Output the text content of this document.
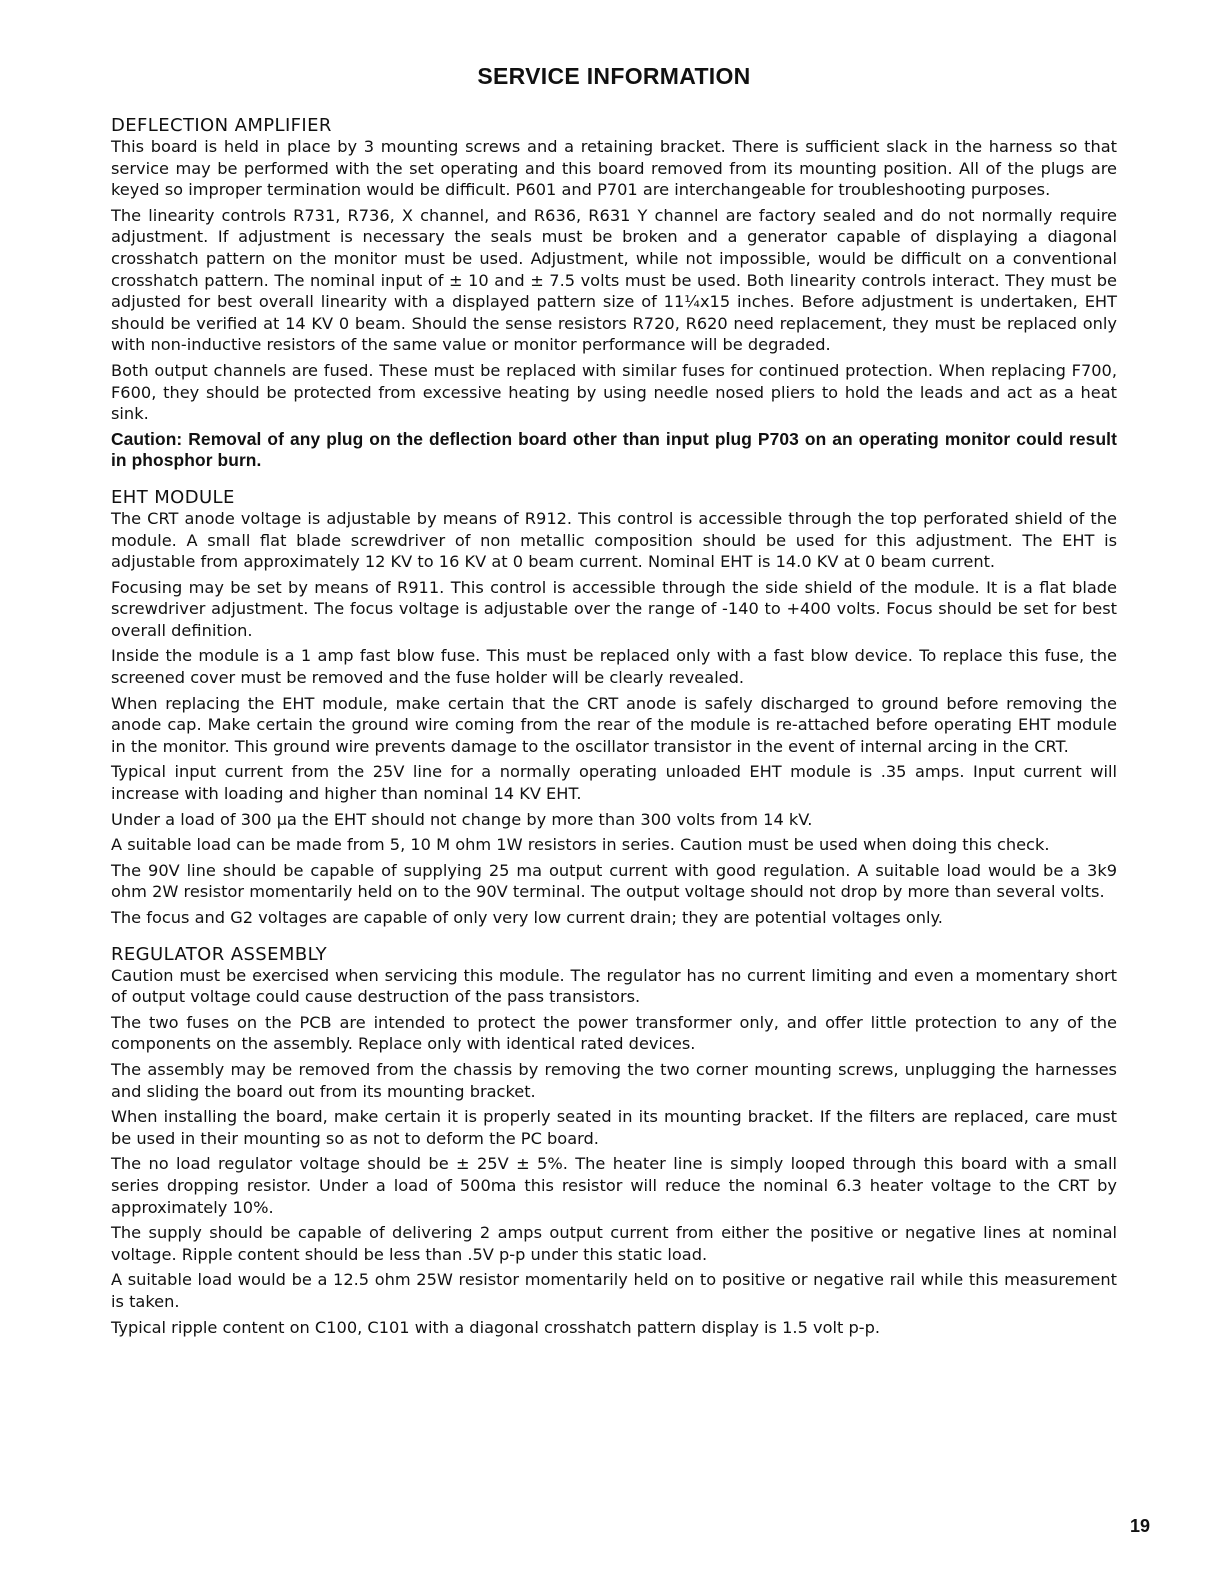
SERVICE INFORMATION
DEFLECTION AMPLIFIER

This board is held in place by 3 mounting screws and a retaining bracket. There is sufficient slack in the harness so that service may be performed with the set operating and this board removed from its mounting position. All of the plugs are keyed so improper termination would be difficult. P601 and P701 are interchangeable for troubleshooting purposes.

The linearity controls R731, R736, X channel, and R636, R631 Y channel are factory sealed and do not normally require adjustment. If adjustment is necessary the seals must be broken and a generator capable of displaying a diagonal crosshatch pattern on the monitor must be used. Adjustment, while not impossible, would be difficult on a conventional crosshatch pattern. The nominal input of ± 10 and ± 7.5 volts must be used. Both linearity controls interact. They must be adjusted for best overall linearity with a displayed pattern size of 11¼x15 inches. Before adjustment is undertaken, EHT should be verified at 14 KV 0 beam. Should the sense resistors R720, R620 need replacement, they must be replaced only with non-inductive resistors of the same value or monitor performance will be degraded.

Both output channels are fused. These must be replaced with similar fuses for continued protection. When replacing F700, F600, they should be protected from excessive heating by using needle nosed pliers to hold the leads and act as a heat sink.

Caution: Removal of any plug on the deflection board other than input plug P703 on an operating monitor could result in phosphor burn.

EHT MODULE

The CRT anode voltage is adjustable by means of R912. This control is accessible through the top perforated shield of the module. A small flat blade screwdriver of non metallic composition should be used for this adjustment. The EHT is adjustable from approximately 12 KV to 16 KV at 0 beam current. Nominal EHT is 14.0 KV at 0 beam current.

Focusing may be set by means of R911. This control is accessible through the side shield of the module. It is a flat blade screwdriver adjustment. The focus voltage is adjustable over the range of -140 to +400 volts. Focus should be set for best overall definition.

Inside the module is a 1 amp fast blow fuse. This must be replaced only with a fast blow device. To replace this fuse, the screened cover must be removed and the fuse holder will be clearly revealed.

When replacing the EHT module, make certain that the CRT anode is safely discharged to ground before removing the anode cap. Make certain the ground wire coming from the rear of the module is re-attached before operating EHT module in the monitor. This ground wire prevents damage to the oscillator transistor in the event of internal arcing in the CRT.

Typical input current from the 25V line for a normally operating unloaded EHT module is .35 amps. Input current will increase with loading and higher than nominal 14 KV EHT.

Under a load of 300 µa the EHT should not change by more than 300 volts from 14 kV.

A suitable load can be made from 5, 10 M ohm 1W resistors in series. Caution must be used when doing this check.

The 90V line should be capable of supplying 25 ma output current with good regulation. A suitable load would be a 3k9 ohm 2W resistor momentarily held on to the 90V terminal. The output voltage should not drop by more than several volts.

The focus and G2 voltages are capable of only very low current drain; they are potential voltages only.

REGULATOR ASSEMBLY

Caution must be exercised when servicing this module. The regulator has no current limiting and even a momentary short of output voltage could cause destruction of the pass transistors.

The two fuses on the PCB are intended to protect the power transformer only, and offer little protection to any of the components on the assembly. Replace only with identical rated devices.

The assembly may be removed from the chassis by removing the two corner mounting screws, unplugging the harnesses and sliding the board out from its mounting bracket.

When installing the board, make certain it is properly seated in its mounting bracket. If the filters are replaced, care must be used in their mounting so as not to deform the PC board.

The no load regulator voltage should be ± 25V ± 5%. The heater line is simply looped through this board with a small series dropping resistor. Under a load of 500ma this resistor will reduce the nominal 6.3 heater voltage to the CRT by approximately 10%.

The supply should be capable of delivering 2 amps output current from either the positive or negative lines at nominal voltage. Ripple content should be less than .5V p-p under this static load.

A suitable load would be a 12.5 ohm 25W resistor momentarily held on to positive or negative rail while this measurement is taken.

Typical ripple content on C100, C101 with a diagonal crosshatch pattern display is 1.5 volt p-p.

19
